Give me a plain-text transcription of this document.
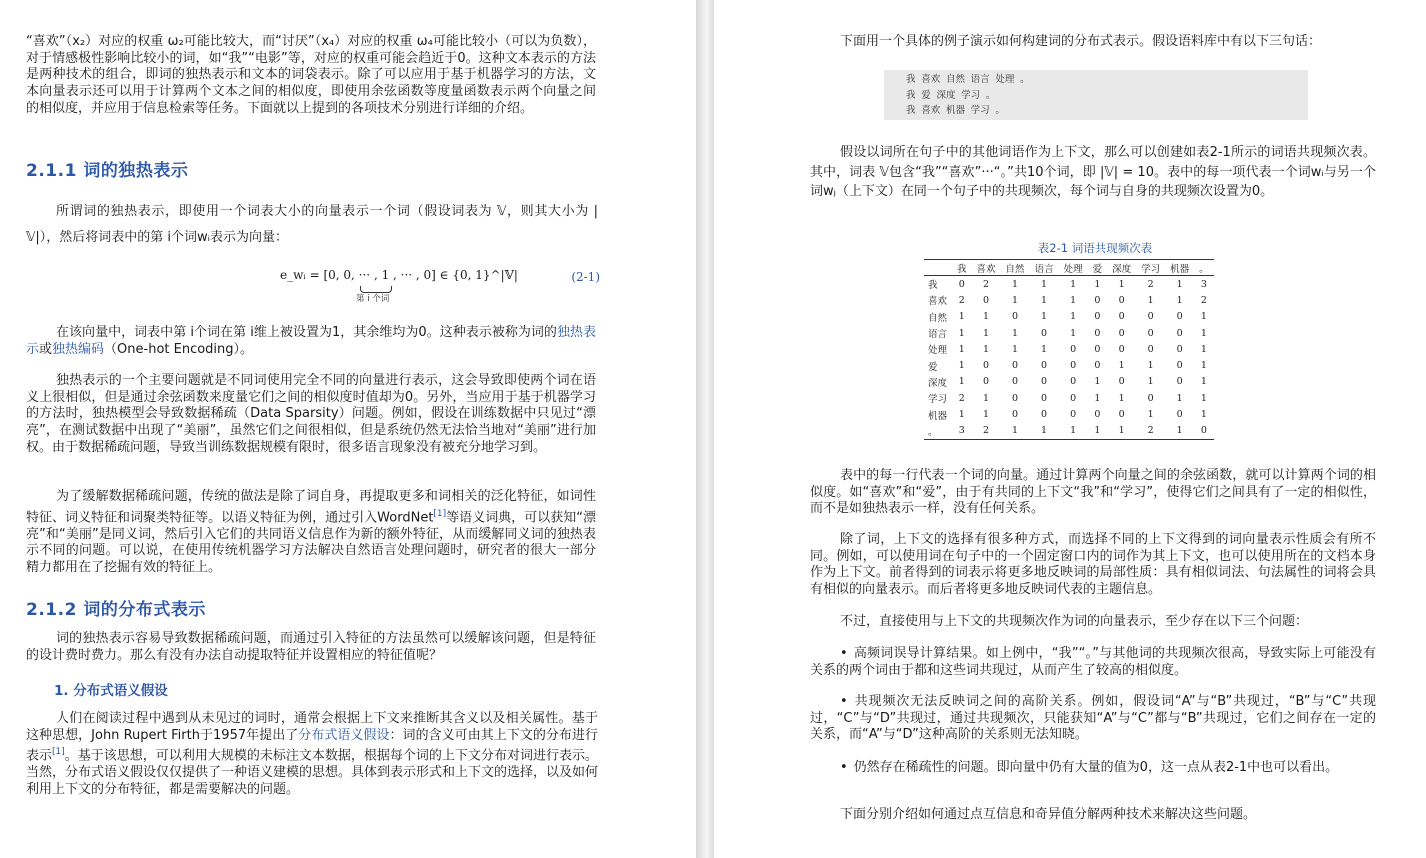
“喜欢”（x₂）对应的权重 ω₂可能比较大，而“讨厌”（x₄）对应的权重 ω₄可能比较小（可以为负数），对于情感极性影响比较小的词，如“我”“电影”等，对应的权重可能会趋近于0。这种文本表示的方法是两种技术的组合，即词的独热表示和文本的词袋表示。除了可以应用于基于机器学习的方法，文本向量表示还可以用于计算两个文本之间的相似度，即使用余弦函数等度量函数表示两个向量之间的相似度，并应用于信息检索等任务。下面就以上提到的各项技术分别进行详细的介绍。

2.1.1 词的独热表示

所谓词的独热表示，即使用一个词表大小的向量表示一个词（假设词表为 𝕍，则其大小为 |𝕍|），然后将词表中的第 i个词wᵢ表示为向量：

e_wᵢ = [0, 0, ··· , 1 , ··· , 0] ∈ {0, 1}^|𝕍|
第 i 个词
(2-1)

在该向量中，词表中第 i个词在第 i维上被设置为1，其余维均为0。这种表示被称为词的独热表示或独热编码（One-hot Encoding）。

独热表示的一个主要问题就是不同词使用完全不同的向量进行表示，这会导致即使两个词在语义上很相似，但是通过余弦函数来度量它们之间的相似度时值却为0。另外，当应用于基于机器学习的方法时，独热模型会导致数据稀疏（Data Sparsity）问题。例如，假设在训练数据中只见过“漂亮”，在测试数据中出现了“美丽”，虽然它们之间很相似，但是系统仍然无法恰当地对“美丽”进行加权。由于数据稀疏问题，导致当训练数据规模有限时，很多语言现象没有被充分地学习到。

为了缓解数据稀疏问题，传统的做法是除了词自身，再提取更多和词相关的泛化特征，如词性特征、词义特征和词聚类特征等。以语义特征为例，通过引入WordNet[1]等语义词典，可以获知“漂亮”和“美丽”是同义词，然后引入它们的共同语义信息作为新的额外特征，从而缓解同义词的独热表示不同的问题。可以说，在使用传统机器学习方法解决自然语言处理问题时，研究者的很大一部分精力都用在了挖掘有效的特征上。

2.1.2 词的分布式表示

词的独热表示容易导致数据稀疏问题，而通过引入特征的方法虽然可以缓解该问题，但是特征的设计费时费力。那么有没有办法自动提取特征并设置相应的特征值呢？

1. 分布式语义假设

人们在阅读过程中遇到从未见过的词时，通常会根据上下文来推断其含义以及相关属性。基于这种思想，John Rupert Firth于1957年提出了分布式语义假设：词的含义可由其上下文的分布进行表示[1]。基于该思想，可以利用大规模的未标注文本数据，根据每个词的上下文分布对词进行表示。当然，分布式语义假设仅仅提供了一种语义建模的思想。具体到表示形式和上下文的选择，以及如何利用上下文的分布特征，都是需要解决的问题。

下面用一个具体的例子演示如何构建词的分布式表示。假设语料库中有以下三句话：

我 喜欢 自然 语言 处理 。
我 爱 深度 学习 。
我 喜欢 机器 学习 。

假设以词所在句子中的其他词语作为上下文，那么可以创建如表2-1所示的词语共现频次表。其中，词表 𝕍包含“我”“喜欢”···“。”共10个词，即 |𝕍| = 10。表中的每一项代表一个词wᵢ与另一个词wⱼ（上下文）在同一个句子中的共现频次，每个词与自身的共现频次设置为0。

表2-1 词语共现频次表
	我	喜欢	自然	语言	处理	爱	深度	学习	机器	。
我	0	2	1	1	1	1	1	2	1	3
喜欢	2	0	1	1	1	0	0	1	1	2
自然	1	1	0	1	1	0	0	0	0	1
语言	1	1	1	0	1	0	0	0	0	1
处理	1	1	1	1	0	0	0	0	0	1
爱	1	0	0	0	0	0	1	1	0	1
深度	1	0	0	0	0	1	0	1	0	1
学习	2	1	0	0	0	1	1	0	1	1
机器	1	1	0	0	0	0	0	1	0	1
。	3	2	1	1	1	1	1	2	1	0

表中的每一行代表一个词的向量。通过计算两个向量之间的余弦函数，就可以计算两个词的相似度。如“喜欢”和“爱”，由于有共同的上下文“我”和“学习”，使得它们之间具有了一定的相似性，而不是如独热表示一样，没有任何关系。

除了词，上下文的选择有很多种方式，而选择不同的上下文得到的词向量表示性质会有所不同。例如，可以使用词在句子中的一个固定窗口内的词作为其上下文，也可以使用所在的文档本身作为上下文。前者得到的词表示将更多地反映词的局部性质：具有相似词法、句法属性的词将会具有相似的向量表示。而后者将更多地反映词代表的主题信息。

不过，直接使用与上下文的共现频次作为词的向量表示，至少存在以下三个问题：

• 高频词误导计算结果。如上例中，“我”“。”与其他词的共现频次很高，导致实际上可能没有关系的两个词由于都和这些词共现过，从而产生了较高的相似度。

• 共现频次无法反映词之间的高阶关系。例如，假设词“A”与“B”共现过，“B”与“C”共现过，“C”与“D”共现过，通过共现频次，只能获知“A”与“C”都与“B”共现过，它们之间存在一定的关系，而“A”与“D”这种高阶的关系则无法知晓。

• 仍然存在稀疏性的问题。即向量中仍有大量的值为0，这一点从表2-1中也可以看出。

下面分别介绍如何通过点互信息和奇异值分解两种技术来解决这些问题。
